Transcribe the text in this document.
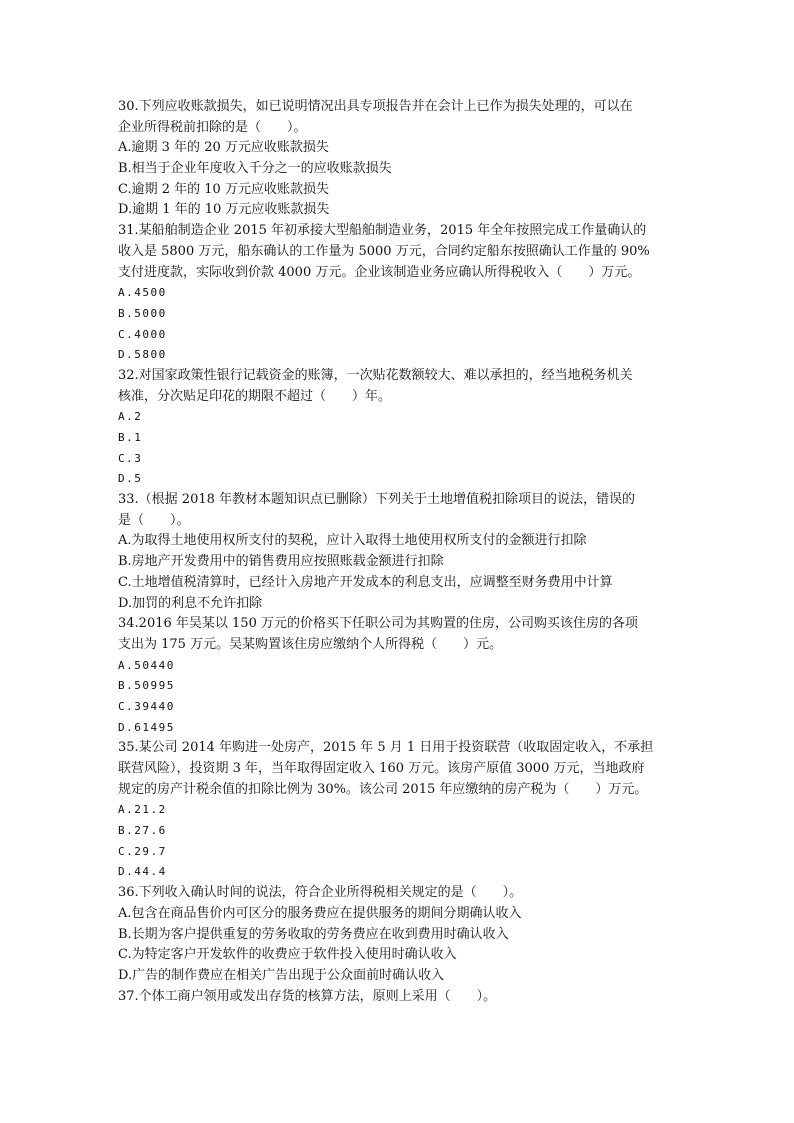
30.下列应收账款损失，如已说明情况出具专项报告并在会计上已作为损失处理的，可以在
企业所得税前扣除的是（　　）。
A.逾期 3 年的 20 万元应收账款损失
B.相当于企业年度收入千分之一的应收账款损失
C.逾期 2 年的 10 万元应收账款损失
D.逾期 1 年的 10 万元应收账款损失
31.某船舶制造企业 2015 年初承接大型船舶制造业务，2015 年全年按照完成工作量确认的
收入是 5800 万元，船东确认的工作量为 5000 万元，合同约定船东按照确认工作量的 90%
支付进度款，实际收到价款 4000 万元。企业该制造业务应确认所得税收入（　　）万元。
A.4500
B.5000
C.4000
D.5800
32.对国家政策性银行记载资金的账簿，一次贴花数额较大、难以承担的，经当地税务机关
核准，分次贴足印花的期限不超过（　　）年。
A.2
B.1
C.3
D.5
33.（根据 2018 年教材本题知识点已删除）下列关于土地增值税扣除项目的说法，错误的
是（　　）。
A.为取得土地使用权所支付的契税，应计入取得土地使用权所支付的金额进行扣除
B.房地产开发费用中的销售费用应按照账载金额进行扣除
C.土地增值税清算时，已经计入房地产开发成本的利息支出，应调整至财务费用中计算
D.加罚的利息不允许扣除
34.2016 年吴某以 150 万元的价格买下任职公司为其购置的住房，公司购买该住房的各项
支出为 175 万元。吴某购置该住房应缴纳个人所得税（　　）元。
A.50440
B.50995
C.39440
D.61495
35.某公司 2014 年购进一处房产，2015 年 5 月 1 日用于投资联营（收取固定收入，不承担
联营风险），投资期 3 年，当年取得固定收入 160 万元。该房产原值 3000 万元，当地政府
规定的房产计税余值的扣除比例为 30%。该公司 2015 年应缴纳的房产税为（　　）万元。
A.21.2
B.27.6
C.29.7
D.44.4
36.下列收入确认时间的说法，符合企业所得税相关规定的是（　　）。
A.包含在商品售价内可区分的服务费应在提供服务的期间分期确认收入
B.长期为客户提供重复的劳务收取的劳务费应在收到费用时确认收入
C.为特定客户开发软件的收费应于软件投入使用时确认收入
D.广告的制作费应在相关广告出现于公众面前时确认收入
37.个体工商户领用或发出存货的核算方法，原则上采用（　　）。
